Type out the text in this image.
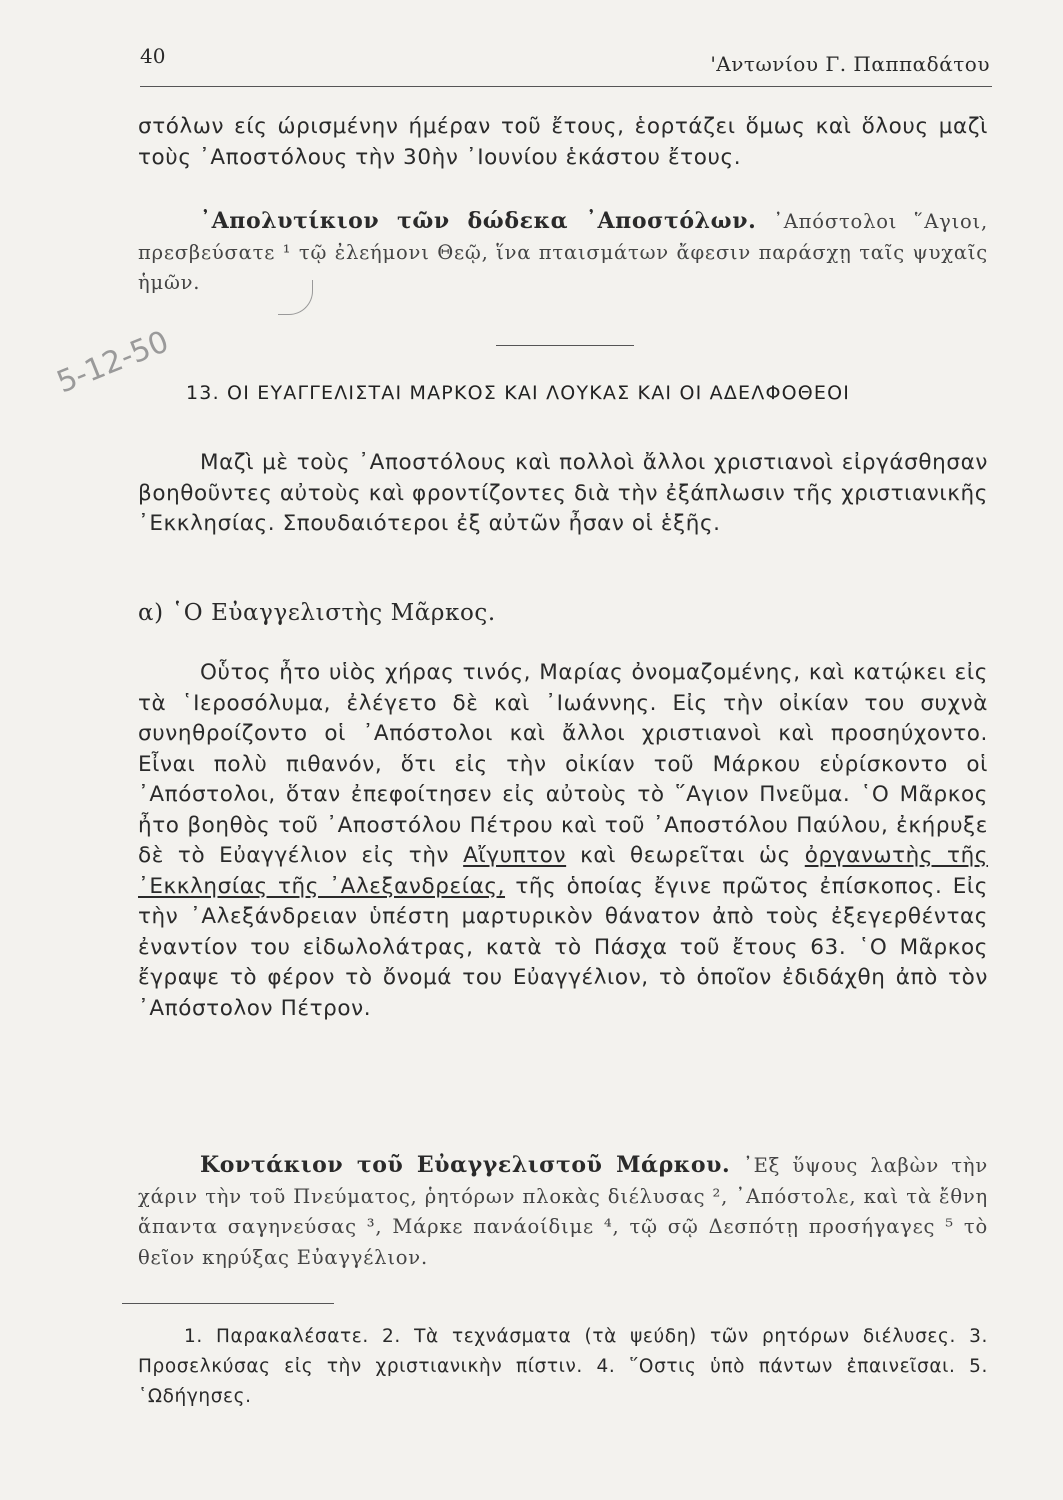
40	'Αντωνίου Γ. Παππαδάτου

στόλων είς ώρισμένην ήμέραν τοῦ ἔτους, ἑορτάζει ὅμως καὶ ὅλους μαζὶ τοὺς ᾿Αποστόλους τὴν 30ὴν ᾿Ιουνίου ἑκάστου ἔτους.

᾿Απολυτίκιον τῶν δώδεκα ᾿Αποστόλων. ᾿Απόστολοι ῞Αγιοι, πρεσβεύσατε ¹ τῷ ἐλεήμονι Θεῷ, ἵνα πταισμάτων ἄφεσιν παράσχῃ ταῖς ψυχαῖς ἡμῶν.

5-12-50 13. ΟΙ ΕΥΑΓΓΕΛΙΣΤΑΙ ΜΑΡΚΟΣ ΚΑΙ ΛΟΥΚΑΣ ΚΑΙ ΟΙ ΑΔΕΛΦΟΘΕΟΙ

Μαζὶ μὲ τοὺς ᾿Αποστόλους καὶ πολλοὶ ἄλλοι χριστιανοὶ εἰργάσθησαν βοηθοῦντες αὐτοὺς καὶ φροντίζοντες διὰ τὴν ἐξάπλωσιν τῆς χριστιανικῆς ᾿Εκκλησίας. Σπουδαιότεροι ἐξ αὐτῶν ἦσαν οἱ ἑξῆς.

α) ῾Ο Εὐαγγελιστὴς Μᾶρκος.

Οὗτος ἦτο υἱὸς χήρας τινός, Μαρίας ὀνομαζομένης, καὶ κατῴκει εἰς τὰ ῾Ιεροσόλυμα, ἐλέγετο δὲ καὶ ᾿Ιωάννης. Εἰς τὴν οἰκίαν του συχνὰ συνηθροίζοντο οἱ ᾿Απόστολοι καὶ ἄλλοι χριστιανοὶ καὶ προσηύχοντο. Εἶναι πολὺ πιθανόν, ὅτι εἰς τὴν οἰκίαν τοῦ Μάρκου εὑρίσκοντο οἱ ᾿Απόστολοι, ὅταν ἐπεφοίτησεν εἰς αὐτοὺς τὸ ῞Αγιον Πνεῦμα. ῾Ο Μᾶρκος ἦτο βοηθὸς τοῦ ᾿Αποστόλου Πέτρου καὶ τοῦ ᾿Αποστόλου Παύλου, ἐκήρυξε δὲ τὸ Εὐαγγέλιον εἰς τὴν Αἴγυπτον καὶ θεωρεῖται ὡς ὀργανωτὴς τῆς ᾿Εκκλησίας τῆς ᾿Αλεξανδρείας, τῆς ὁποίας ἔγινε πρῶτος ἐπίσκοπος. Εἰς τὴν ᾿Αλεξάνδρειαν ὑπέστη μαρτυρικὸν θάνατον ἀπὸ τοὺς ἐξεγερθέντας ἐναντίον του εἰδωλολάτρας, κατὰ τὸ Πάσχα τοῦ ἔτους 63. ῾Ο Μᾶρκος ἔγραψε τὸ φέρον τὸ ὄνομά του Εὐαγγέλιον, τὸ ὁποῖον ἐδιδάχθη ἀπὸ τὸν ᾿Απόστολον Πέτρον.

Κοντάκιον τοῦ Εὐαγγελιστοῦ Μάρκου. ᾿Εξ ὕψους λαβὼν τὴν χάριν τὴν τοῦ Πνεύματος, ῥητόρων πλοκὰς διέλυσας ², ᾿Απόστολε, καὶ τὰ ἔθνη ἅπαντα σαγηνεύσας ³, Μάρκε πανάοίδιμε ⁴, τῷ σῷ Δεσπότῃ προσήγαγες ⁵ τὸ θεῖον κηρύξας Εὐαγγέλιον.

1. Παρακαλέσατε. 2. Τὰ τεχνάσματα (τὰ ψεύδη) τῶν ρητόρων διέλυσες. 3. Προσελκύσας εἰς τὴν χριστιανικὴν πίστιν. 4. ῞Οστις ὑπὸ πάντων ἐπαινεῖσαι. 5. ῾Ωδήγησες.
